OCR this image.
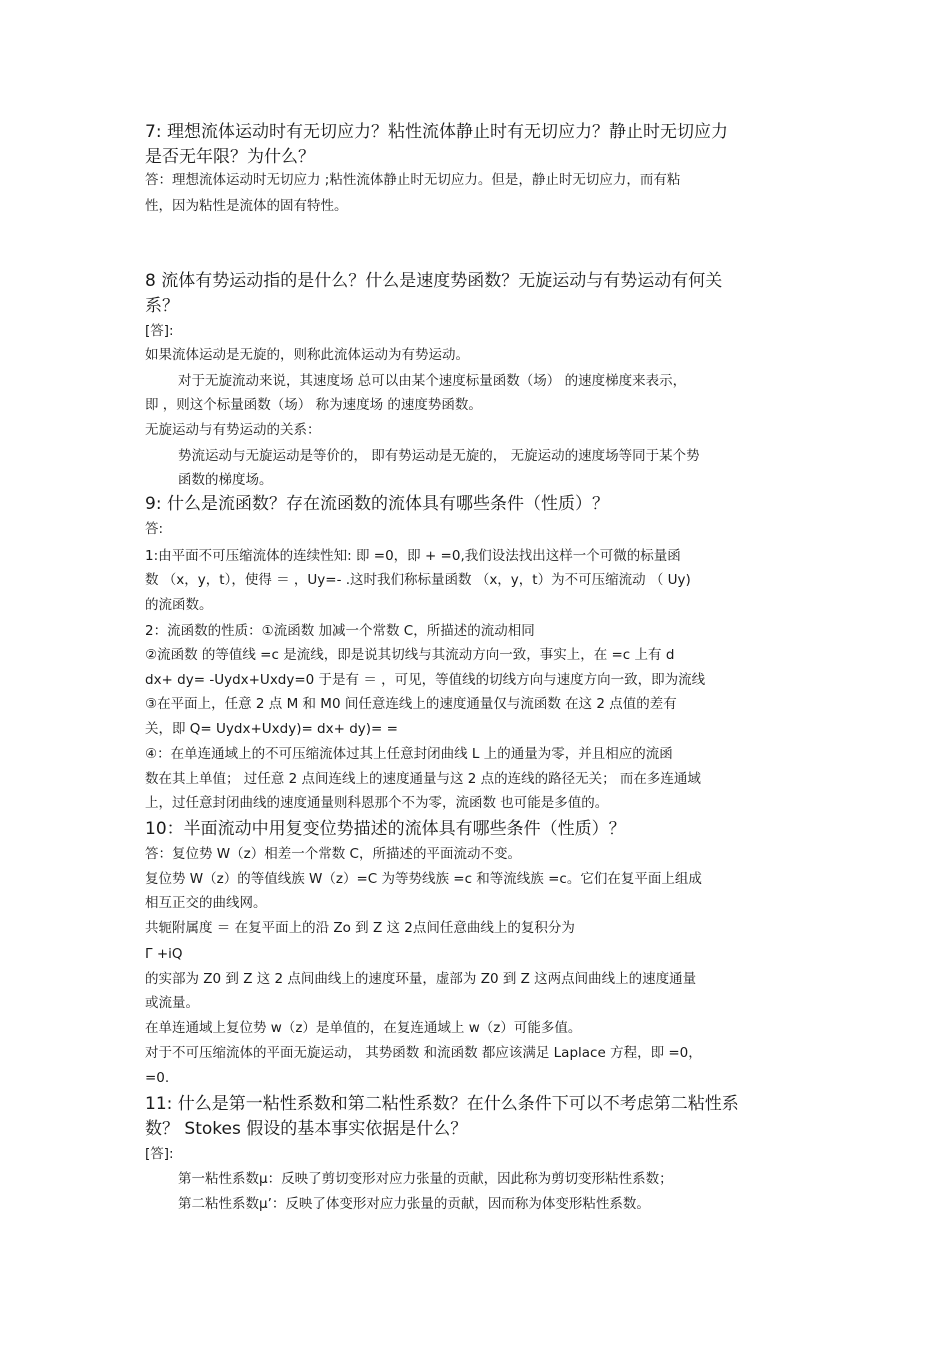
7: 理想流体运动时有无切应力？粘性流体静止时有无切应力？静止时无切应力
是否无年限？为什么？
答：理想流体运动时无切应力 ;粘性流体静止时无切应力。但是，静止时无切应力，而有粘
性，因为粘性是流体的固有特性。
8 流体有势运动指的是什么？什么是速度势函数？无旋运动与有势运动有何关
系？
[答]:
如果流体运动是无旋的，则称此流体运动为有势运动。
对于无旋流动来说，其速度场 总可以由某个速度标量函数（场） 的速度梯度来表示，
即 ，则这个标量函数（场） 称为速度场 的速度势函数。
无旋运动与有势运动的关系：
势流运动与无旋运动是等价的， 即有势运动是无旋的， 无旋运动的速度场等同于某个势
函数的梯度场。
9: 什么是流函数？存在流函数的流体具有哪些条件（性质）？
答:
1:由平面不可压缩流体的连续性知: 即 =0，即 + =0,我们设法找出这样一个可微的标量函
数 （x，y，t），使得 ＝ ，Uy=- .这时我们称标量函数 （x，y，t）为不可压缩流动 （ Uy)
的流函数。
2：流函数的性质：①流函数 加减一个常数 C，所描述的流动相同
②流函数 的等值线 =c 是流线，即是说其切线与其流动方向一致，事实上，在 =c 上有 d
dx+ dy= -Uydx+Uxdy=0 于是有 ＝ ，可见，等值线的切线方向与速度方向一致，即为流线
③在平面上，任意 2 点 M 和 M0 间任意连线上的速度通量仅与流函数 在这 2 点值的差有
关，即 Q= Uydx+Uxdy)= dx+ dy)= =
④：在单连通域上的不可压缩流体过其上任意封闭曲线 L 上的通量为零，并且相应的流函
数在其上单值； 过任意 2 点间连线上的速度通量与这 2 点的连线的路径无关； 而在多连通域
上，过任意封闭曲线的速度通量则科恩那个不为零，流函数 也可能是多值的。
10：半面流动中用复变位势描述的流体具有哪些条件（性质）？
答：复位势 W（z）相差一个常数 C，所描述的平面流动不变。
复位势 W（z）的等值线族 W（z）=C 为等势线族 =c 和等流线族 =c。它们在复平面上组成
相互正交的曲线网。
共轭附属度 ＝ 在复平面上的沿 Zo 到 Z 这 2点间任意曲线上的复积分为
Γ +iQ
的实部为 Z0 到 Z 这 2 点间曲线上的速度环量，虚部为 Z0 到 Z 这两点间曲线上的速度通量
或流量。
在单连通域上复位势 w（z）是单值的，在复连通域上 w（z）可能多值。
对于不可压缩流体的平面无旋运动， 其势函数 和流函数 都应该满足 Laplace 方程，即 =0，
=0.
11: 什么是第一粘性系数和第二粘性系数？在什么条件下可以不考虑第二粘性系
数？ Stokes 假设的基本事实依据是什么？
[答]:
第一粘性系数μ：反映了剪切变形对应力张量的贡献，因此称为剪切变形粘性系数；
第二粘性系数μ’：反映了体变形对应力张量的贡献，因而称为体变形粘性系数。
